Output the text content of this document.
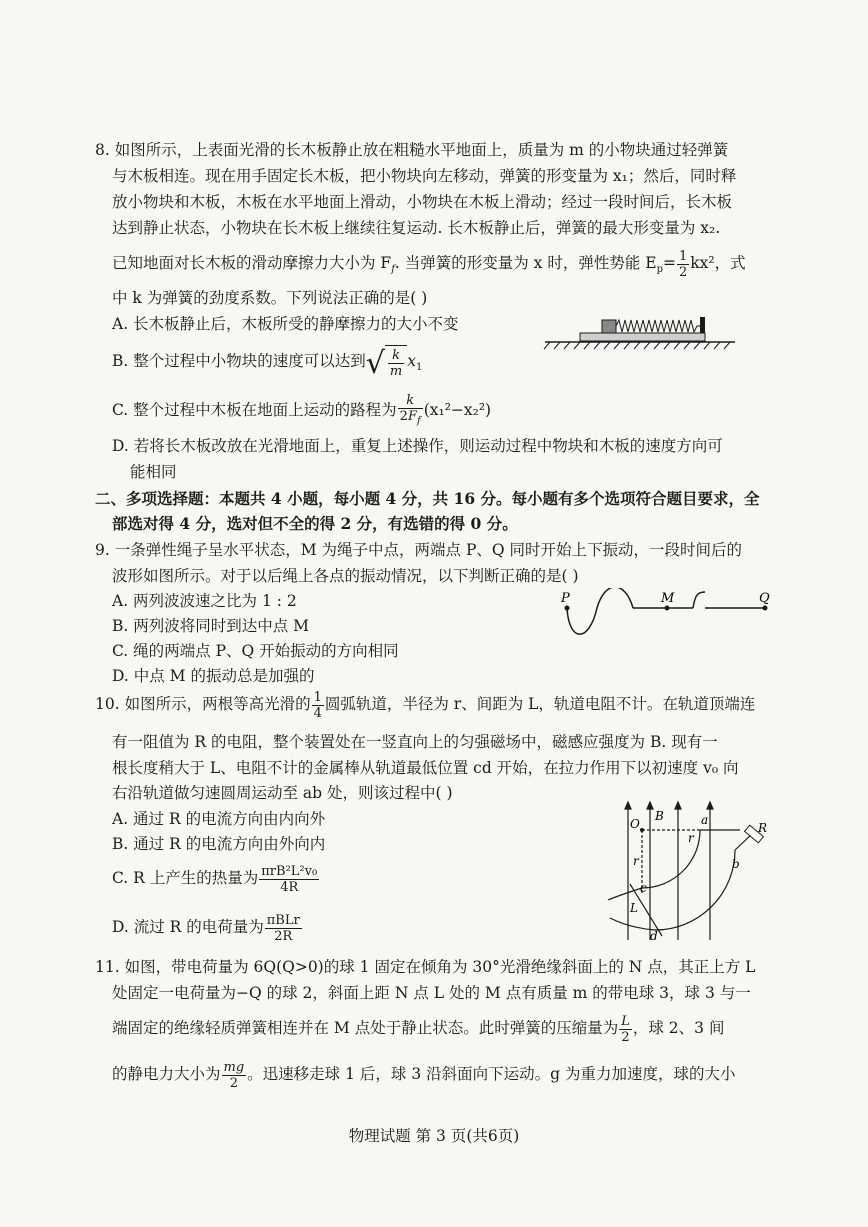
8. 如图所示，上表面光滑的长木板静止放在粗糙水平地面上，质量为 m 的小物块通过轻弹簧
与木板相连。现在用手固定长木板，把小物块向左移动，弹簧的形变量为 x₁；然后，同时释
放小物块和木板，木板在水平地面上滑动，小物块在木板上滑动；经过一段时间后，长木板
达到静止状态，小物块在长木板上继续往复运动. 长木板静止后，弹簧的最大形变量为 x₂.
已知地面对长木板的滑动摩擦力大小为 $F_f$. 当弹簧的形变量为 x 时，弹性势能 $E_p= \frac{1}{2} kx^2$，式
中 k 为弹簧的劲度系数。下列说法正确的是( )
A. 长木板静止后，木板所受的静摩擦力的大小不变
B. 整个过程中小物块的速度可以达到√ $\frac{k}{m} x_1$
C. 整个过程中木板在地面上运动的路程为 $\frac{k}{2F_f} (x_1^2-x_2^2)$
D. 若将长木板改放在光滑地面上，重复上述操作，则运动过程中物块和木板的速度方向可
能相同
二、多项选择题：本题共 4 小题，每小题 4 分，共 16 分。每小题有多个选项符合题目要求，全
部选对得 4 分，选对但不全的得 2 分，有选错的得 0 分。
9. 一条弹性绳子呈水平状态，M 为绳子中点，两端点 P、Q 同时开始上下振动，一段时间后的
波形如图所示。对于以后绳上各点的振动情况，以下判断正确的是( )
A. 两列波波速之比为 1 : 2
B. 两列波将同时到达中点 M
C. 绳的两端点 P、Q 开始振动的方向相同
D. 中点 M 的振动总是加强的
P	M	Q
10. 如图所示，两根等高光滑的 $\frac{1}{4}$ 圆弧轨道，半径为 r、间距为 L，轨道电阻不计。在轨道顶端连
有一阻值为 R 的电阻，整个装置处在一竖直向上的匀强磁场中，磁感应强度为 B. 现有一
根长度稍大于 L、电阻不计的金属棒从轨道最低位置 cd 开始，在拉力作用下以初速度 v₀ 向
右沿轨道做匀速圆周运动至 ab 处，则该过程中( )
A. 通过 R 的电流方向由内向外
B. 通过 R 的电流方向由外向内
C. R 上产生的热量为 $\frac{\text{πrB²L²v₀}}{4R}$
D. 流过 R 的电荷量为 $\frac{\text{πBLr}}{2R}$
O
B	a
R
r
r	b
c
L
d
11. 如图，带电荷量为 6Q(Q>0)的球 1 固定在倾角为 30°光滑绝缘斜面上的 N 点，其正上方 L
处固定一电荷量为−Q 的球 2，斜面上距 N 点 L 处的 M 点有质量 m 的带电球 3，球 3 与一
端固定的绝缘轻质弹簧相连并在 M 点处于静止状态。此时弹簧的压缩量为 $\frac{L}{2}$ ，球 2、3 间
的静电力大小为 $\frac{mg}{2}$ 。迅速移走球 1 后，球 3 沿斜面向下运动。g 为重力加速度，球的大小
物理试题 第 3 页(共6页)
